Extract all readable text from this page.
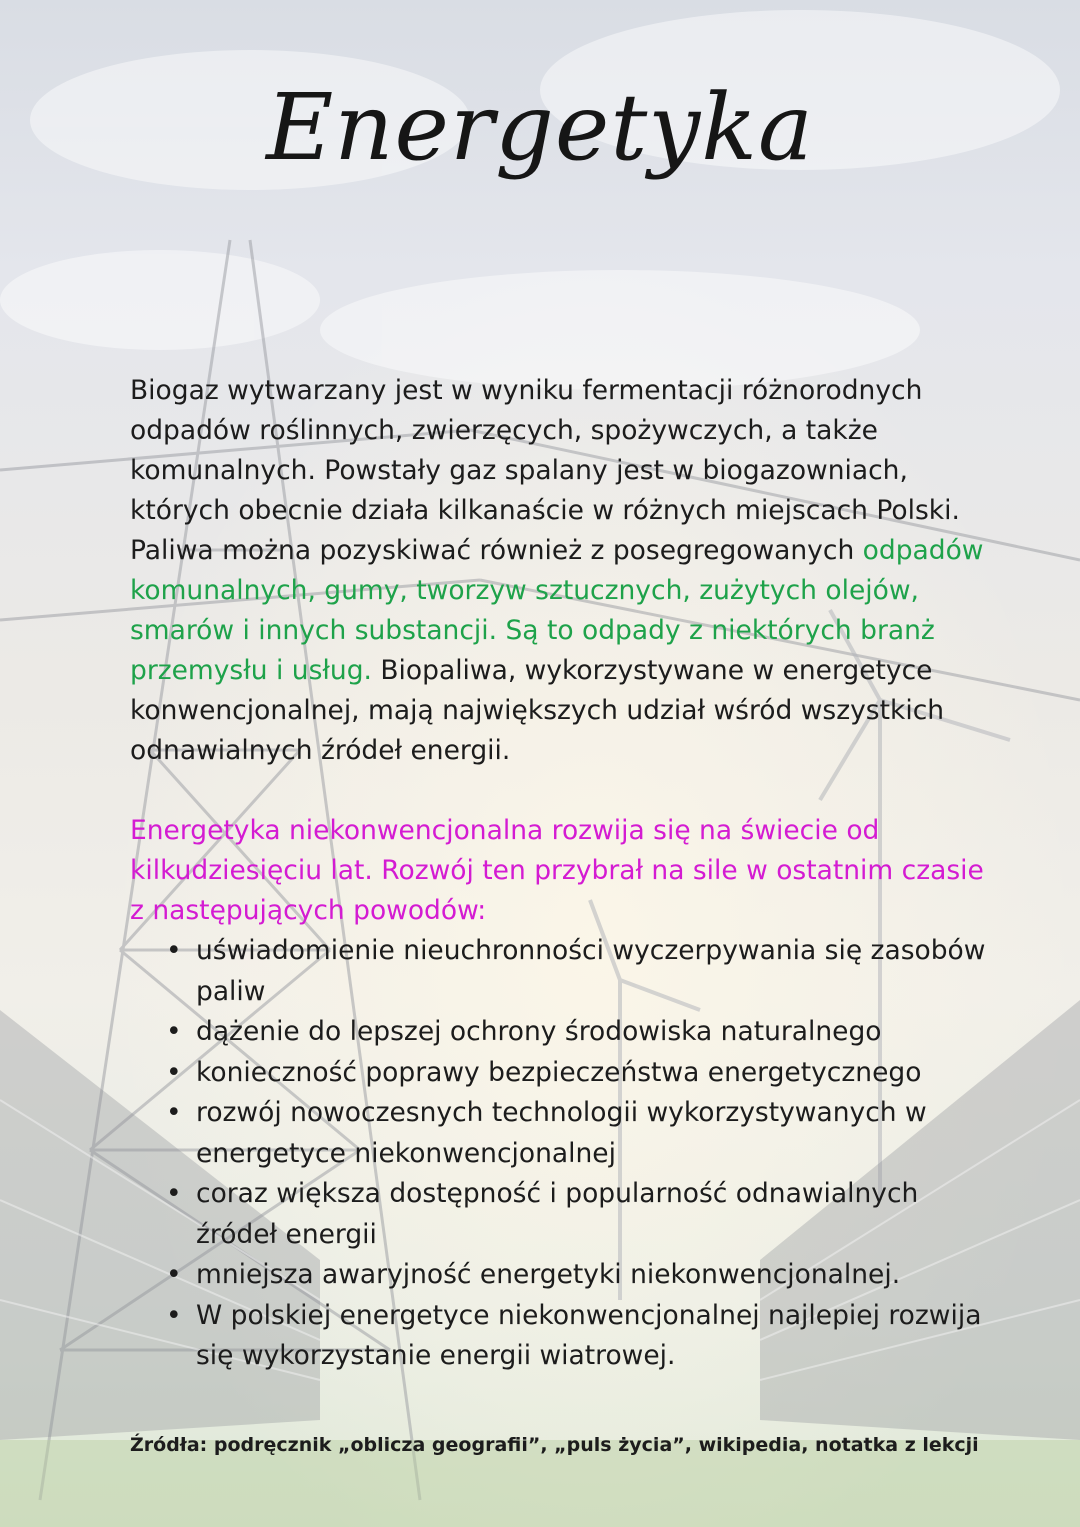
Energetyka
Biogaz wytwarzany jest w wyniku fermentacji różnorodnych odpadów roślinnych, zwierzęcych, spożywczych, a także komunalnych. Powstały gaz spalany jest w biogazowniach, których obecnie działa kilkanaście w różnych miejscach Polski. Paliwa można pozyskiwać również z posegregowanych odpadów komunalnych, gumy, tworzyw sztucznych, zużytych olejów, smarów i innych substancji. Są to odpady z niektórych branż przemysłu i usług. Biopaliwa, wykorzystywane w energetyce konwencjonalnej, mają największych udział wśród wszystkich odnawialnych źródeł energii.
Energetyka niekonwencjonalna rozwija się na świecie od kilkudziesięciu lat. Rozwój ten przybrał na sile w ostatnim czasie z następujących powodów:
• uświadomienie nieuchronności wyczerpywania się zasobów paliw
• dążenie do lepszej ochrony środowiska naturalnego
• konieczność poprawy bezpieczeństwa energetycznego
• rozwój nowoczesnych technologii wykorzystywanych w energetyce niekonwencjonalnej
• coraz większa dostępność i popularność odnawialnych źródeł energii
• mniejsza awaryjność energetyki niekonwencjonalnej.
• W polskiej energetyce niekonwencjonalnej najlepiej rozwija się wykorzystanie energii wiatrowej.
Źródła: podręcznik „oblicza geografii”, „puls życia”, wikipedia, notatka z lekcji
